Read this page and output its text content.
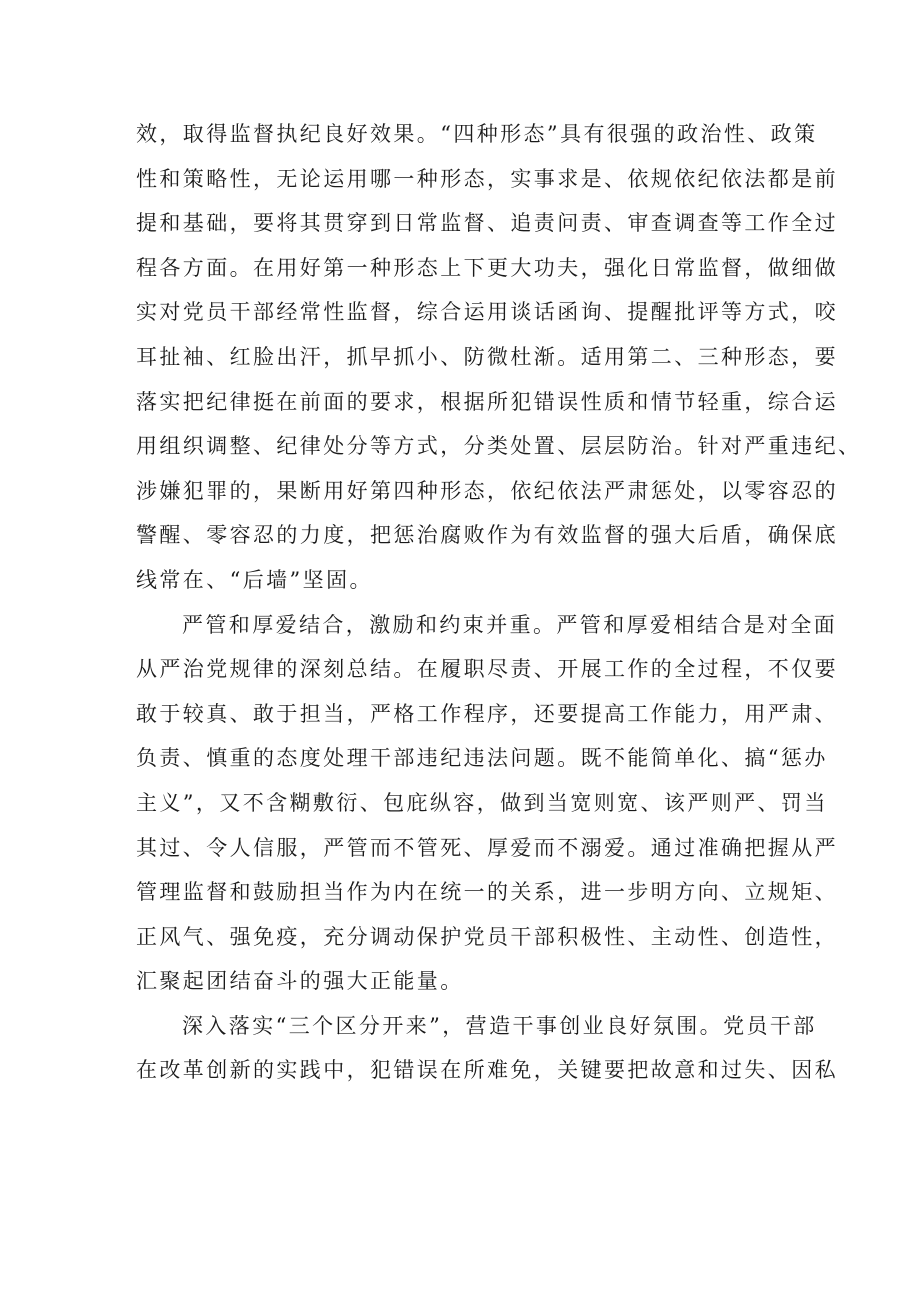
效，取得监督执纪良好效果。“四种形态”具有很强的政治性、政策
性和策略性，无论运用哪一种形态，实事求是、依规依纪依法都是前
提和基础，要将其贯穿到日常监督、追责问责、审查调查等工作全过
程各方面。在用好第一种形态上下更大功夫，强化日常监督，做细做
实对党员干部经常性监督，综合运用谈话函询、提醒批评等方式，咬
耳扯袖、红脸出汗，抓早抓小、防微杜渐。适用第二、三种形态，要
落实把纪律挺在前面的要求，根据所犯错误性质和情节轻重，综合运
用组织调整、纪律处分等方式，分类处置、层层防治。针对严重违纪、
涉嫌犯罪的，果断用好第四种形态，依纪依法严肃惩处，以零容忍的
警醒、零容忍的力度，把惩治腐败作为有效监督的强大后盾，确保底
线常在、“后墙”坚固。
严管和厚爱结合，激励和约束并重。严管和厚爱相结合是对全面
从严治党规律的深刻总结。在履职尽责、开展工作的全过程，不仅要
敢于较真、敢于担当，严格工作程序，还要提高工作能力，用严肃、
负责、慎重的态度处理干部违纪违法问题。既不能简单化、搞“惩办
主义”，又不含糊敷衍、包庇纵容，做到当宽则宽、该严则严、罚当
其过、令人信服，严管而不管死、厚爱而不溺爱。通过准确把握从严
管理监督和鼓励担当作为内在统一的关系，进一步明方向、立规矩、
正风气、强免疫，充分调动保护党员干部积极性、主动性、创造性，
汇聚起团结奋斗的强大正能量。
深入落实“三个区分开来”，营造干事创业良好氛围。党员干部
在改革创新的实践中，犯错误在所难免，关键要把故意和过失、因私
